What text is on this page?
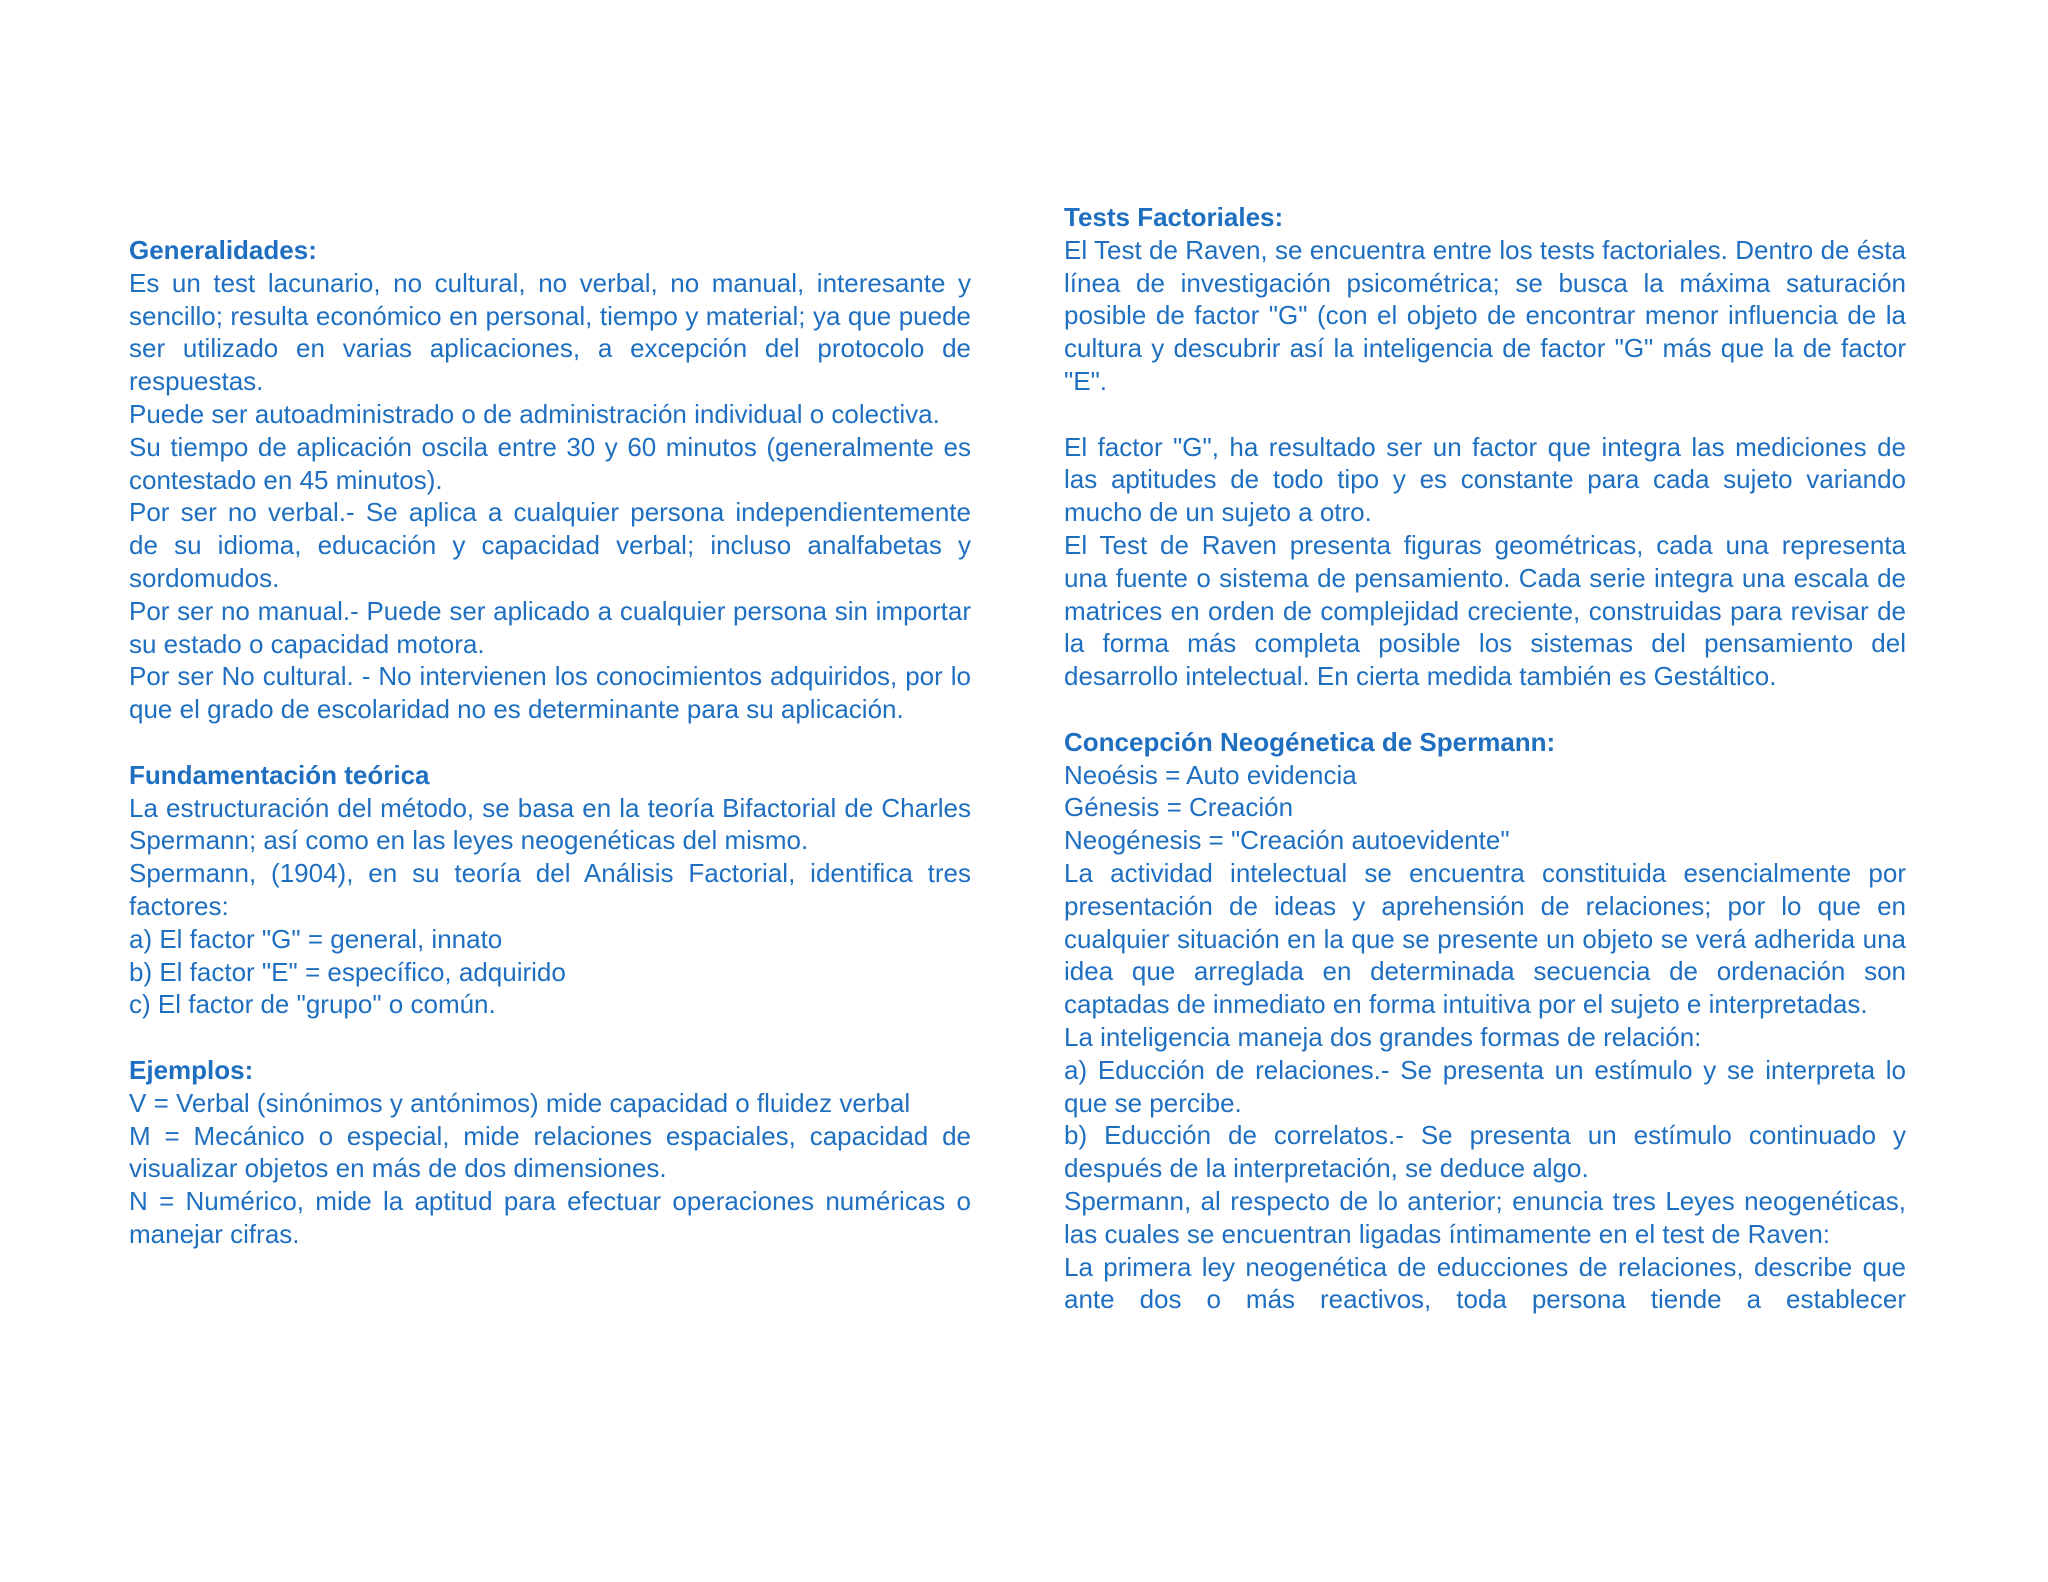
Generalidades:

Es un test lacunario, no cultural, no verbal, no manual, interesante y sencillo; resulta económico en personal, tiempo y material; ya que puede ser utilizado en varias aplicaciones, a excepción del protocolo de respuestas.

Puede ser autoadministrado o de administración individual o colectiva.

Su tiempo de aplicación oscila entre 30 y 60 minutos (generalmente es contestado en 45 minutos).

Por ser no verbal.- Se aplica a cualquier persona independientemente de su idioma, educación y capacidad verbal; incluso analfabetas y sordomudos.

Por ser no manual.- Puede ser aplicado a cualquier persona sin importar su estado o capacidad motora.

Por ser No cultural. - No intervienen los conocimientos adquiridos, por lo que el grado de escolaridad no es determinante para su aplicación.

Fundamentación teórica

La estructuración del método, se basa en la teoría Bifactorial de Charles Spermann; así como en las leyes neogenéticas del mismo.

Spermann, (1904), en su teoría del Análisis Factorial, identifica tres factores:

a) El factor "G" = general, innato

b) El factor "E" = específico, adquirido

c) El factor de "grupo" o común.

Ejemplos:

V = Verbal (sinónimos y antónimos) mide capacidad o fluidez verbal

M = Mecánico o especial, mide relaciones espaciales, capacidad de visualizar objetos en más de dos dimensiones.

N = Numérico, mide la aptitud para efectuar operaciones numéricas o manejar cifras.

Tests Factoriales:

El Test de Raven, se encuentra entre los tests factoriales. Dentro de ésta línea de investigación psicométrica; se busca la máxima saturación posible de factor "G" (con el objeto de encontrar menor influencia de la cultura y descubrir así la inteligencia de factor "G" más que la de factor "E".

El factor "G", ha resultado ser un factor que integra las mediciones de las aptitudes de todo tipo y es constante para cada sujeto variando mucho de un sujeto a otro.

El Test de Raven presenta figuras geométricas, cada una representa una fuente o sistema de pensamiento. Cada serie integra una escala de matrices en orden de complejidad creciente, construidas para revisar de la forma más completa posible los sistemas del pensamiento del desarrollo intelectual. En cierta medida también es Gestáltico.

Concepción Neogénetica de Spermann:

Neoésis = Auto evidencia

Génesis = Creación

Neogénesis = "Creación autoevidente"

La actividad intelectual se encuentra constituida esencialmente por presentación de ideas y aprehensión de relaciones; por lo que en cualquier situación en la que se presente un objeto se verá adherida una idea que arreglada en determinada secuencia de ordenación son captadas de inmediato en forma intuitiva por el sujeto e interpretadas.

La inteligencia maneja dos grandes formas de relación:

a) Educción de relaciones.- Se presenta un estímulo y se interpreta lo que se percibe.

b) Educción de correlatos.- Se presenta un estímulo continuado y después de la interpretación, se deduce algo.

Spermann, al respecto de lo anterior; enuncia tres Leyes neogenéticas, las cuales se encuentran ligadas íntimamente en el test de Raven:

La primera ley neogenética de educciones de relaciones, describe que ante dos o más reactivos, toda persona tiende a establecer
